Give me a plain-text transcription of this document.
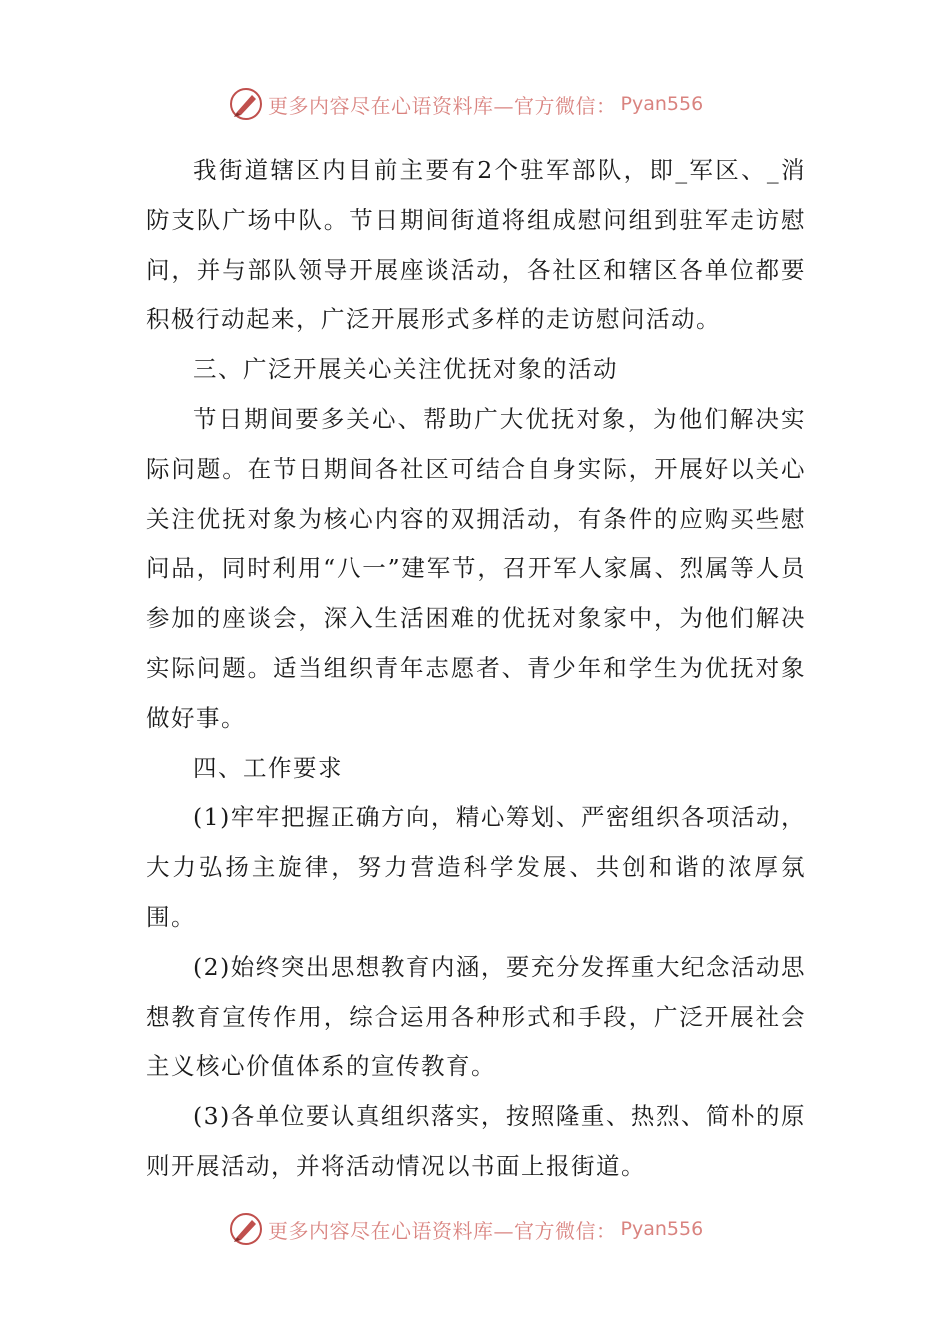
更多内容尽在心语资料库—官方微信： Pyan556

我街道辖区内目前主要有2个驻军部队，即_军区、_消防支队广场中队。节日期间街道将组成慰问组到驻军走访慰问，并与部队领导开展座谈活动，各社区和辖区各单位都要积极行动起来，广泛开展形式多样的走访慰问活动。

三、广泛开展关心关注优抚对象的活动

节日期间要多关心、帮助广大优抚对象，为他们解决实际问题。在节日期间各社区可结合自身实际，开展好以关心关注优抚对象为核心内容的双拥活动，有条件的应购买些慰问品，同时利用“八一”建军节，召开军人家属、烈属等人员参加的座谈会，深入生活困难的优抚对象家中，为他们解决实际问题。适当组织青年志愿者、青少年和学生为优抚对象做好事。

四、工作要求

(1)牢牢把握正确方向，精心筹划、严密组织各项活动，大力弘扬主旋律，努力营造科学发展、共创和谐的浓厚氛围。

(2)始终突出思想教育内涵，要充分发挥重大纪念活动思想教育宣传作用，综合运用各种形式和手段，广泛开展社会主义核心价值体系的宣传教育。

(3)各单位要认真组织落实，按照隆重、热烈、简朴的原则开展活动，并将活动情况以书面上报街道。

更多内容尽在心语资料库—官方微信： Pyan556
